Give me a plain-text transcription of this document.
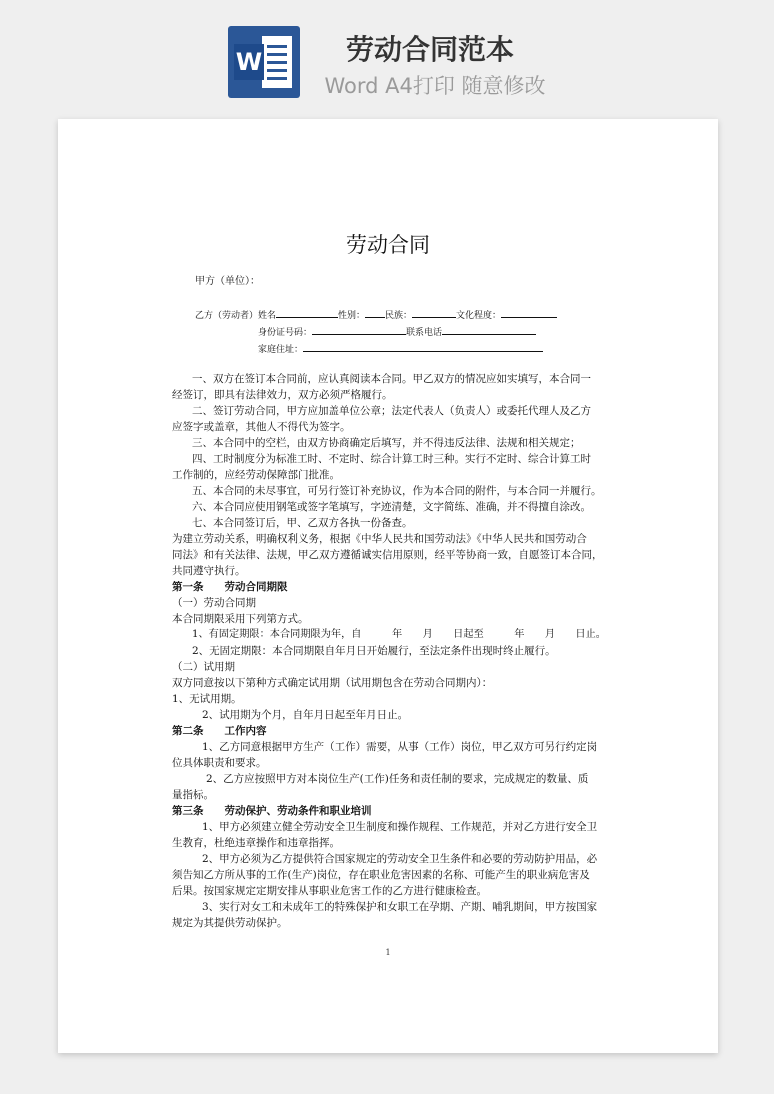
W	劳动合同范本
Word A4打印 随意修改
劳动合同
甲方（单位）：
乙方（劳动者）姓名	性别： 民族：	文化程度：
身份证号码：	联系电话
家庭住址：
一、双方在签订本合同前，应认真阅读本合同。甲乙双方的情况应如实填写，本合同一
经签订，即具有法律效力，双方必须严格履行。
二、签订劳动合同，甲方应加盖单位公章；法定代表人（负责人）或委托代理人及乙方
应签字或盖章，其他人不得代为签字。
三、本合同中的空栏，由双方协商确定后填写，并不得违反法律、法规和相关规定；
四、工时制度分为标准工时、不定时、综合计算工时三种。实行不定时、综合计算工时
工作制的，应经劳动保障部门批准。
五、本合同的未尽事宜，可另行签订补充协议，作为本合同的附件，与本合同一并履行。
六、本合同应使用钢笔或签字笔填写，字迹清楚，文字简练、准确，并不得擅自涂改。
七、本合同签订后，甲、乙双方各执一份备查。
为建立劳动关系，明确权利义务，根据《中华人民共和国劳动法》《中华人民共和国劳动合
同法》和有关法律、法规，甲乙双方遵循诚实信用原则，经平等协商一致，自愿签订本合同，
共同遵守执行。
第一条　　劳动合同期限
（一）劳动合同期
本合同期限采用下列第方式。
1、有固定期限：本合同期限为年，自　　　年　　月　　日起至　　　年　　月　　日止。
2、无固定期限：本合同期限自年月日开始履行，至法定条件出现时终止履行。
（二）试用期
双方同意按以下第种方式确定试用期（试用期包含在劳动合同期内）：
1、无试用期。
2、试用期为个月，自年月日起至年月日止。
第二条　　工作内容
1、乙方同意根据甲方生产（工作）需要，从事（工作）岗位，甲乙双方可另行约定岗
位具体职责和要求。
2、乙方应按照甲方对本岗位生产(工作)任务和责任制的要求，完成规定的数量、质
量指标。
第三条　　劳动保护、劳动条件和职业培训
1、甲方必须建立健全劳动安全卫生制度和操作规程、工作规范，并对乙方进行安全卫
生教育，杜绝违章操作和违章指挥。
2、甲方必须为乙方提供符合国家规定的劳动安全卫生条件和必要的劳动防护用品，必
须告知乙方所从事的工作(生产)岗位，存在职业危害因素的名称、可能产生的职业病危害及
后果。按国家规定定期安排从事职业危害工作的乙方进行健康检查。
3、实行对女工和未成年工的特殊保护和女职工在孕期、产期、哺乳期间，甲方按国家
规定为其提供劳动保护。
1
